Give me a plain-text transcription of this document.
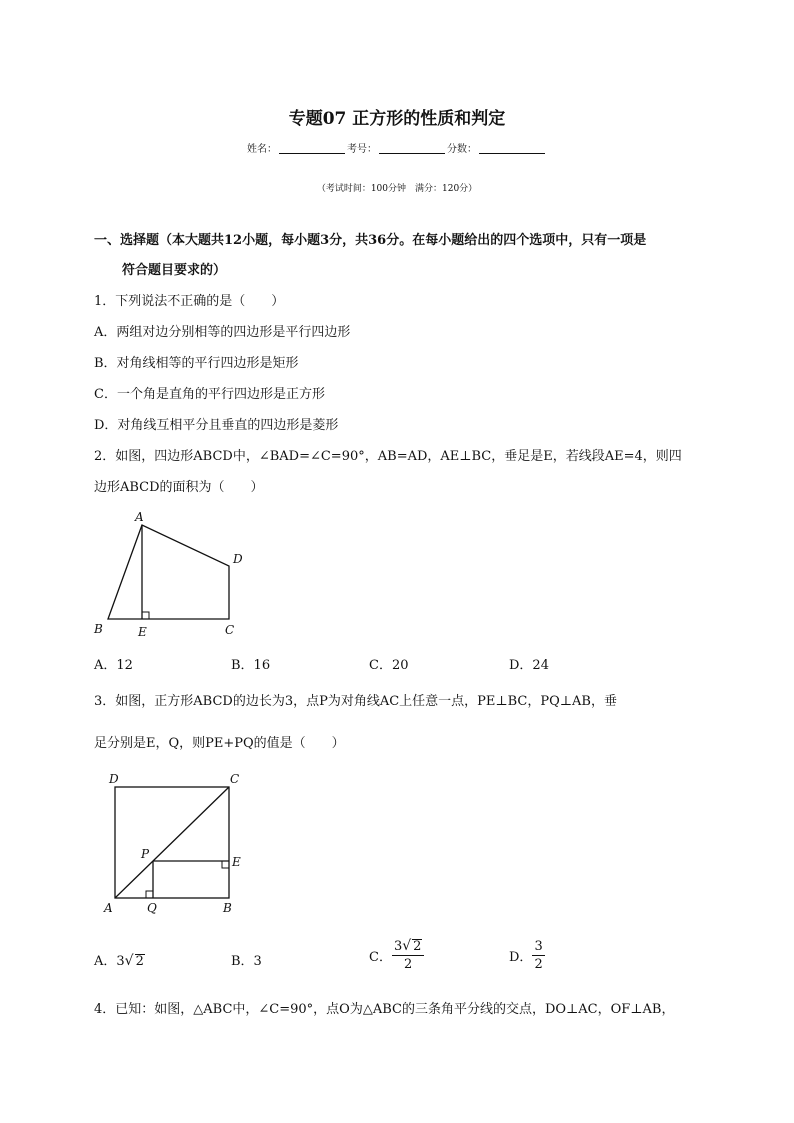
专题07 正方形的性质和判定
姓名：	考号：	分数：
（考试时间：100分钟　满分：120分）
一、选择题（本大题共12小题，每小题3分，共36分。在每小题给出的四个选项中，只有一项是
符合题目要求的）
1．下列说法不正确的是（　　）
A．两组对边分别相等的四边形是平行四边形
B．对角线相等的平行四边形是矩形
C．一个角是直角的平行四边形是正方形
D．对角线互相平分且垂直的四边形是菱形
2．如图，四边形ABCD中，∠BAD=∠C=90°，AB=AD，AE⊥BC，垂足是E，若线段AE=4，则四
边形ABCD的面积为（　　）
A
B	E	C
D
A．12	B．16	C．20	D．24
3．如图，正方形ABCD的边长为3，点P为对角线AC上任意一点，PE⊥BC，PQ⊥AB，垂
足分别是E，Q，则PE+PQ的值是（　　）
D	C
P
E
A	Q	B
A．3√ 2	B．3	C． $\frac{3√ 2}{2}$	D． $\frac{3}{2}$
4．已知：如图，△ABC中，∠C=90°，点O为△ABC的三条角平分线的交点，DO⊥AC，OF⊥AB，
